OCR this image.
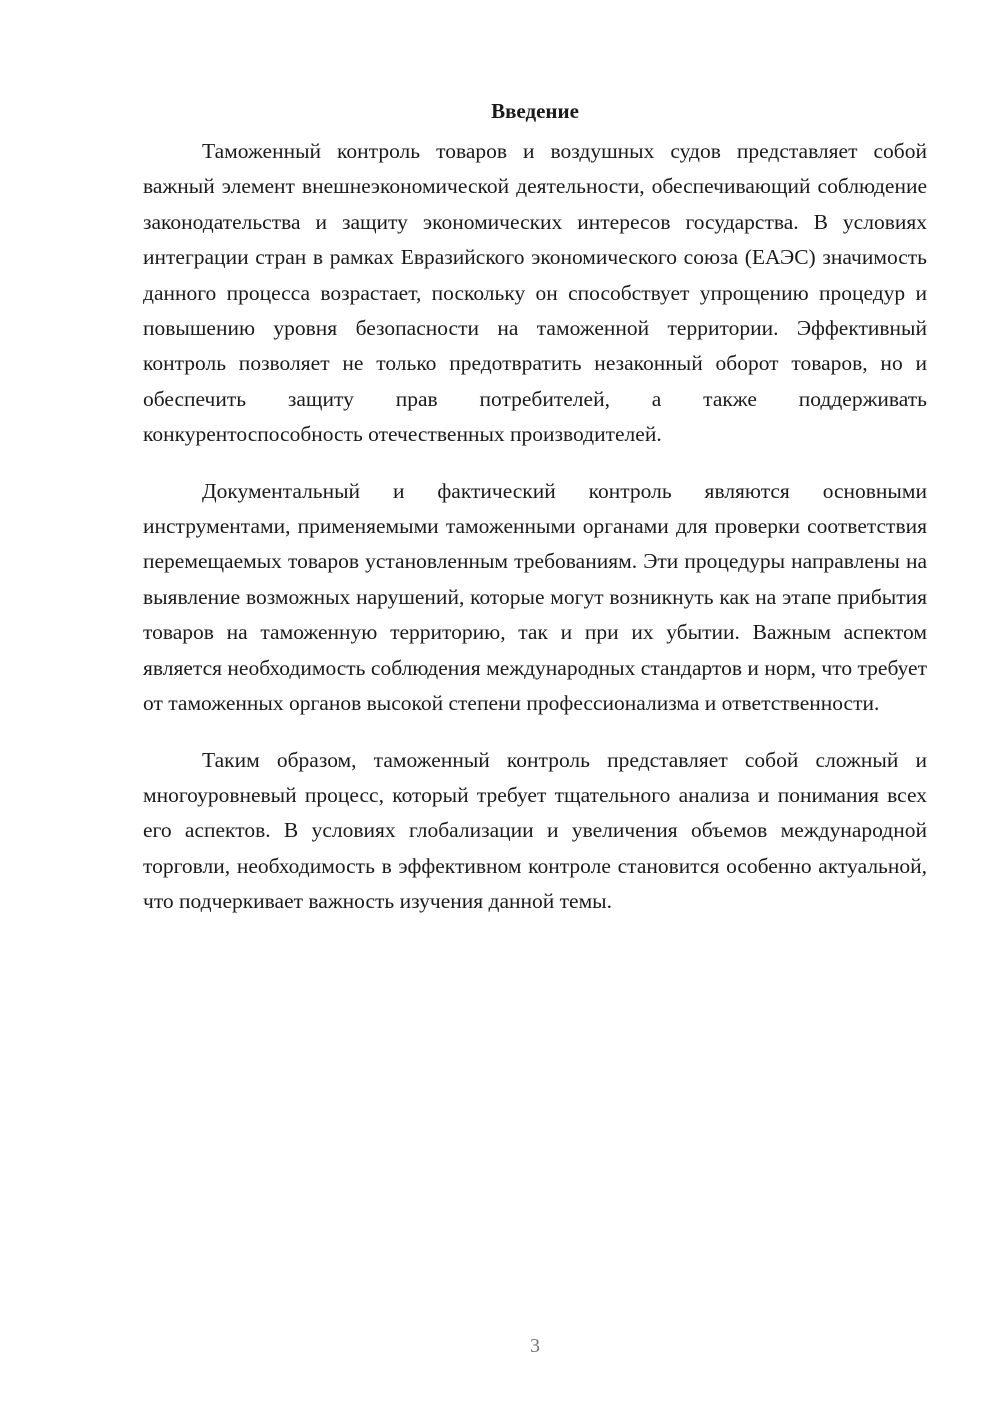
Введение

Таможенный контроль товаров и воздушных судов представляет собой важный элемент внешнеэкономической деятельности, обеспечивающий соблюдение законодательства и защиту экономических интересов государства. В условиях интеграции стран в рамках Евразийского экономического союза (ЕАЭС) значимость данного процесса возрастает, поскольку он способствует упрощению процедур и повышению уровня безопасности на таможенной территории. Эффективный контроль позволяет не только предотвратить незаконный оборот товаров, но и обеспечить защиту прав потребителей, а также поддерживать конкурентоспособность отечественных производителей.

Документальный и фактический контроль являются основными инструментами, применяемыми таможенными органами для проверки соответствия перемещаемых товаров установленным требованиям. Эти процедуры направлены на выявление возможных нарушений, которые могут возникнуть как на этапе прибытия товаров на таможенную территорию, так и при их убытии. Важным аспектом является необходимость соблюдения международных стандартов и норм, что требует от таможенных органов высокой степени профессионализма и ответственности.

Таким образом, таможенный контроль представляет собой сложный и многоуровневый процесс, который требует тщательного анализа и понимания всех его аспектов. В условиях глобализации и увеличения объемов международной торговли, необходимость в эффективном контроле становится особенно актуальной, что подчеркивает важность изучения данной темы.

3
